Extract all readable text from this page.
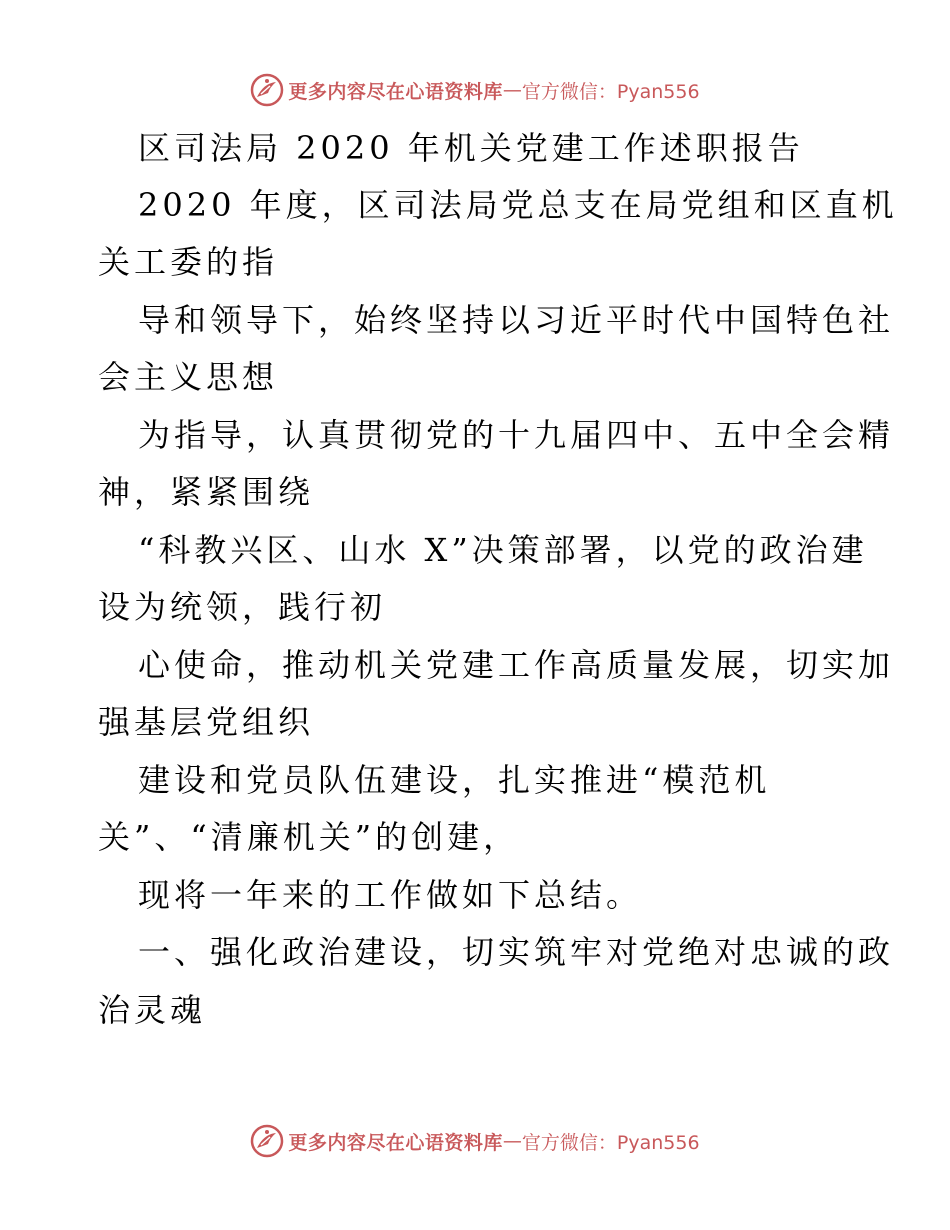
更多内容尽在心语资料库 — 官方微信：Pyan556
区司法局 2020 年机关党建工作述职报告
2020 年度，区司法局党总支在局党组和区直机
关工委的指
导和领导下，始终坚持以习近平时代中国特色社
会主义思想
为指导，认真贯彻党的十九届四中、五中全会精
神，紧紧围绕
“科教兴区、山水 X”决策部署，以党的政治建
设为统领，践行初
心使命，推动机关党建工作高质量发展，切实加
强基层党组织
建设和党员队伍建设，扎实推进“模范机
关”、“清廉机关”的创建，
现将一年来的工作做如下总结。
一、强化政治建设，切实筑牢对党绝对忠诚的政
治灵魂
更多内容尽在心语资料库 — 官方微信：Pyan556
